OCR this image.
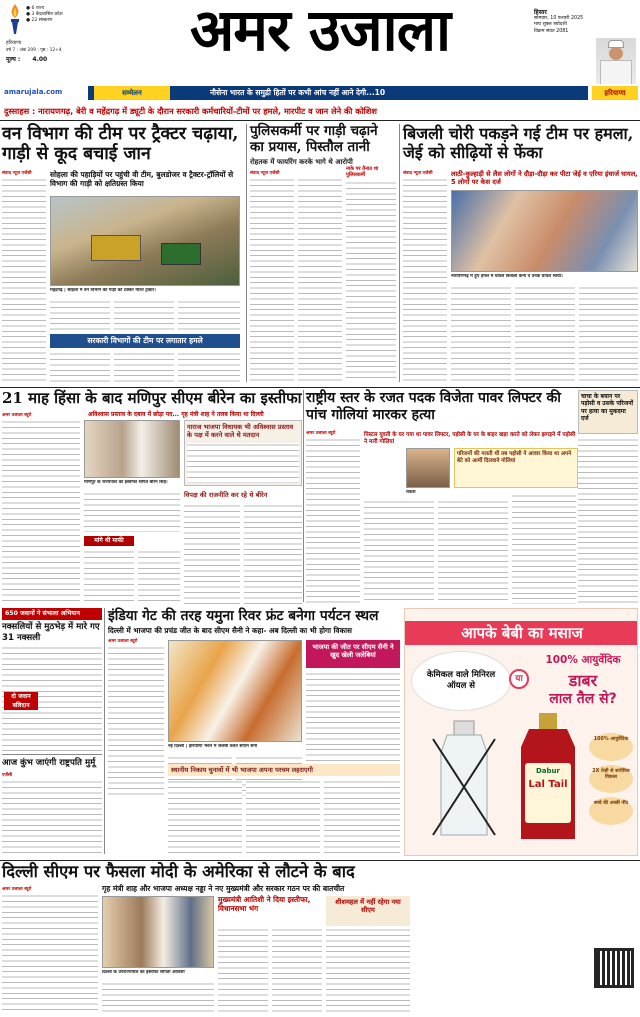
● 6 राज्य
● 3 केंद्रशासित प्रदेश
● 22 संस्करण
हरियाणा
वर्ष 7 : अंक 209 : पृष्ठ : 12+4
मूल्य : 4.00	अमर उजाला	हिसार
सोमवार, 10 फरवरी 2025
माघ शुक्ल त्रयोदशी
विक्रम संवत 2081
amarujala.com	सम्मेलन	नौसेना भारत के समुद्री हितों पर कभी आंच नहीं आने देगी...10	हरियाणा
दुस्साहस : नारायणगढ़, बेरी व महेंद्रगढ़ में ड्यूटी के दौरान सरकारी कर्मचारियों-टीमों पर हमले, मारपीट व जान लेने की कोशिश
वन विभाग की टीम पर ट्रैक्टर चढ़ाया, गाड़ी से कूद बचाई जान
संवाद न्यूज एजेंसी सोहला की पहाड़ियों पर पहुंची वी टीम, बुलडोजर व ट्रैक्टर-ट्रॉलियों से विभाग की गाड़ी को क्षतिग्रस्त किया
महेंद्रगढ़ | सोहला में वन विभाग की गाड़ी को टक्कर मारते ट्रैक्टर।
सरकारी विभागों की टीम पर लगातार हमले
पुलिसकर्मी पर गाड़ी चढ़ाने का प्रयास, पिस्तौल तानी
रोहतक में फायरिंग करके भागे थे आरोपी
संवाद न्यूज एजेंसी
नाके पर तैनात था पुलिसकर्मी
बिजली चोरी पकड़ने गई टीम पर हमला, जेई को सीढ़ियों से फेंका
संवाद न्यूज एजेंसी	लाठी-कुल्हाड़ी से लैस लोगों ने दौड़ा-दौड़ा कर पीटा जेई व एरिया इंचार्ज घायल, 5 लोगों पर केस दर्ज
नारायणगढ़ में हुए हमले में घायल बिजली कर्मी व उनके घायल साथी।
21 माह हिंसा के बाद मणिपुर सीएम बीरेन का इस्तीफा
अमर उजाला ब्यूरो	अविश्वास प्रस्ताव के दबाव में छोड़ा पद... गृह मंत्री शाह ने तलब किया था दिल्ली
मणिपुर के राज्यपाल को इस्तीफा सौंपते बीरेन सिंह।
नाराज भाजपा विधायक भी अविश्वास प्रस्ताव के पक्ष में करने वाले थे मतदान
मांगे थी माफी
विपक्ष की राजनीति कर रहे थे बीरेन
राष्ट्रीय स्तर के रजत पदक विजेता पावर लिफ्टर की पांच गोलियां मारकर हत्या
चाचा के बयान पर पड़ोसी व उसके परिजनों पर हत्या का मुकदमा दर्ज
अमर उजाला ब्यूरो	पिस्टल युवती के घर गया था पावर लिफ्टर, पड़ोसी के घर के बाहर खड़ा करते को लेकर झगड़ने में पड़ोसी ने मारी गोलियां
राकेश
परिजनों की गलती थी तब पड़ोसी ने आवार किया था अपने बेटे को आर्मी दिलवाने गोलियां
650 जवानों ने संभाला अभियान
नक्सलियों से मुठभेड़ में मारे गए 31 नक्सली
दो जवान बलिदान
आज कुंभ जाएंगी राष्ट्रपति मुर्मू
एजेंसी
इंडिया गेट की तरह यमुना रिवर फ्रंट बनेगा पर्यटन स्थल
दिल्ली में भाजपा की प्रचंड जीत के बाद सीएम सैनी ने कहा- अब दिल्ली का भी होगा विकास
अमर उजाला ब्यूरो
नई दिल्ली | हरियाणा भवन में जलेबी तलते सीएम सैनी
भाजपा की जीत पर सीएम सैनी ने खुद खेली जलेबियां
स्थानीय निकाय चुनावों में भी भाजपा अपना परचम लहराएगी
आपके बेबी का मसाज
केमिकल वाले मिनिरल ऑयल से
या
100% आयुर्वेदिक
डाबर
लाल तैल से?
Dabur
Lal Tail
100% आयुर्वेदिक
2X तेज़ी से शारीरिक विकास
बच्चे की अच्छी नींद
दिल्ली सीएम पर फैसला मोदी के अमेरिका से लौटने के बाद
गृह मंत्री शाह और भाजपा अध्यक्ष नड्डा ने नए मुख्यमंत्री और सरकार गठन पर की बातचीत
अमर उजाला ब्यूरो
दिल्ली के उपराज्यपाल को इस्तीफा सौंपती आतिशी
मुख्यमंत्री आतिशी ने दिया इस्तीफा, विधानसभा भंग
शीशमहल में नहीं रहेगा नया सीएम
